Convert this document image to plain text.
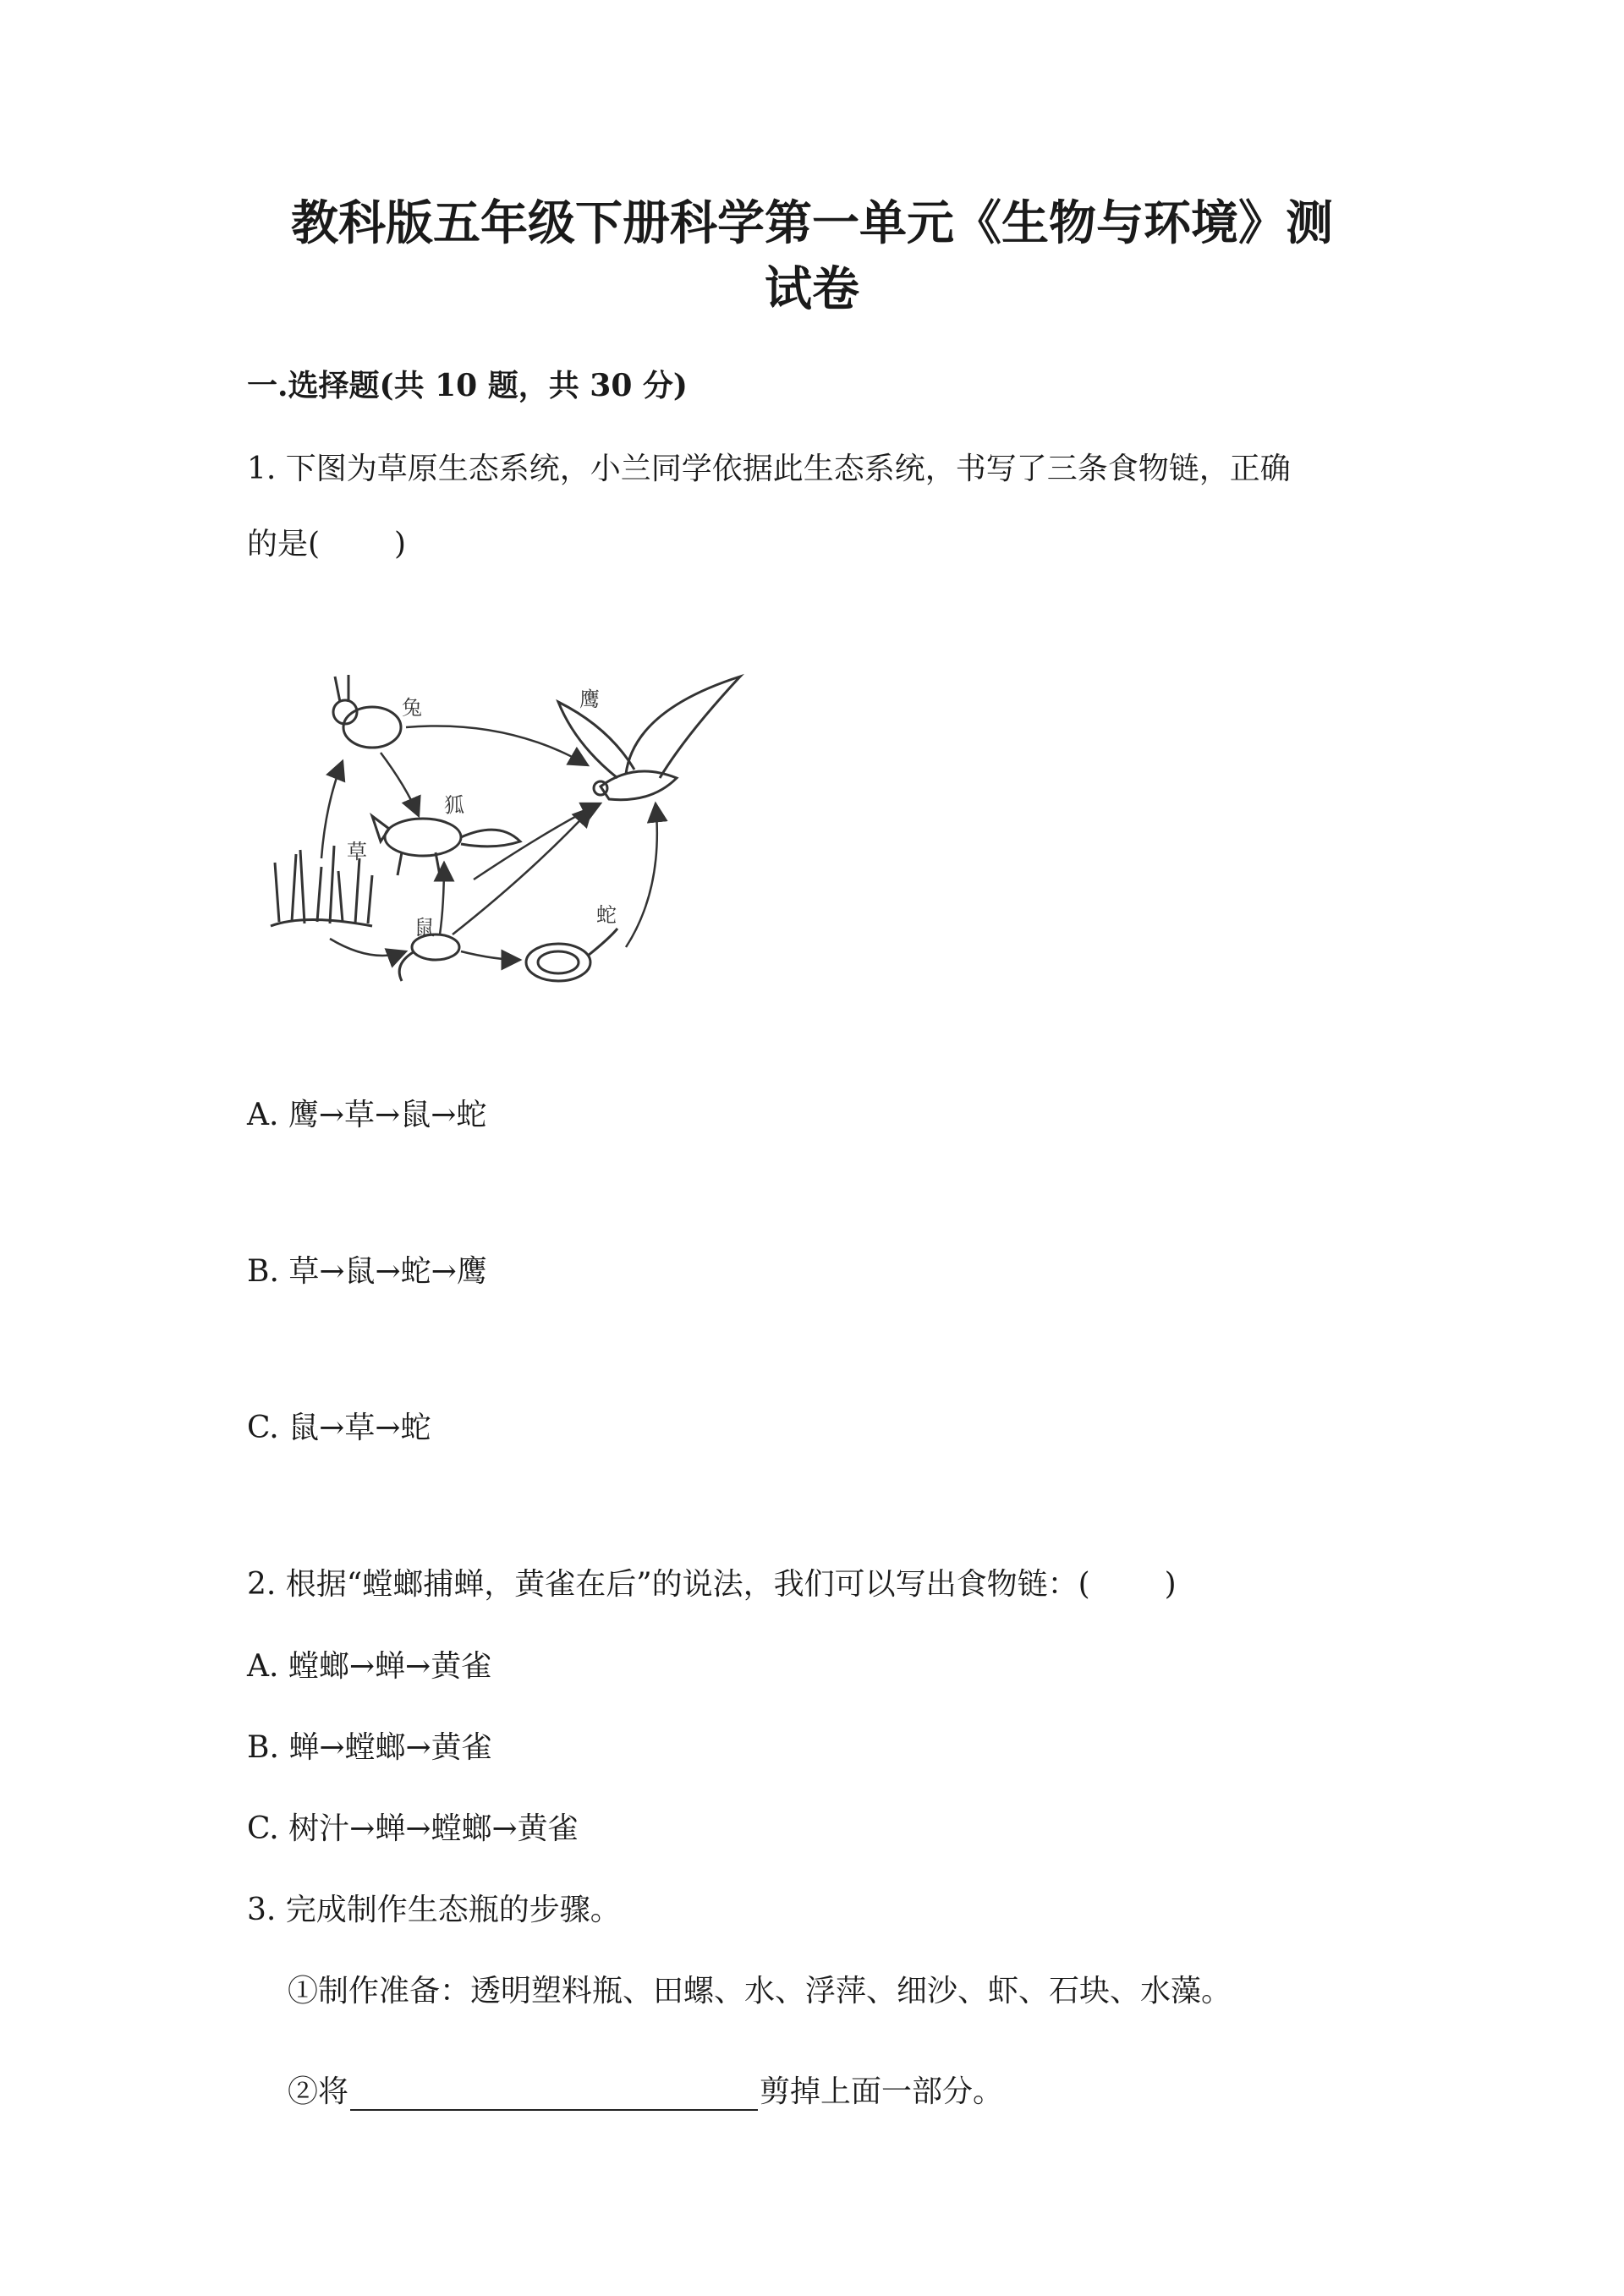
教科版五年级下册科学第一单元《生物与环境》测
试卷
一.选择题(共 10 题，共 30 分)
1. 下图为草原生态系统，小兰同学依据此生态系统，书写了三条食物链，正确
的是( )
兔	鹰
狐
草
鼠
蛇
A. 鹰→草→鼠→蛇
B. 草→鼠→蛇→鹰
C. 鼠→草→蛇
2. 根据“螳螂捕蝉，黄雀在后”的说法，我们可以写出食物链：( )
A. 螳螂→蝉→黄雀
B. 蝉→螳螂→黄雀
C. 树汁→蝉→螳螂→黄雀
3. 完成制作生态瓶的步骤。
①制作准备：透明塑料瓶、田螺、水、浮萍、细沙、虾、石块、水藻。
②将	剪掉上面一部分。
